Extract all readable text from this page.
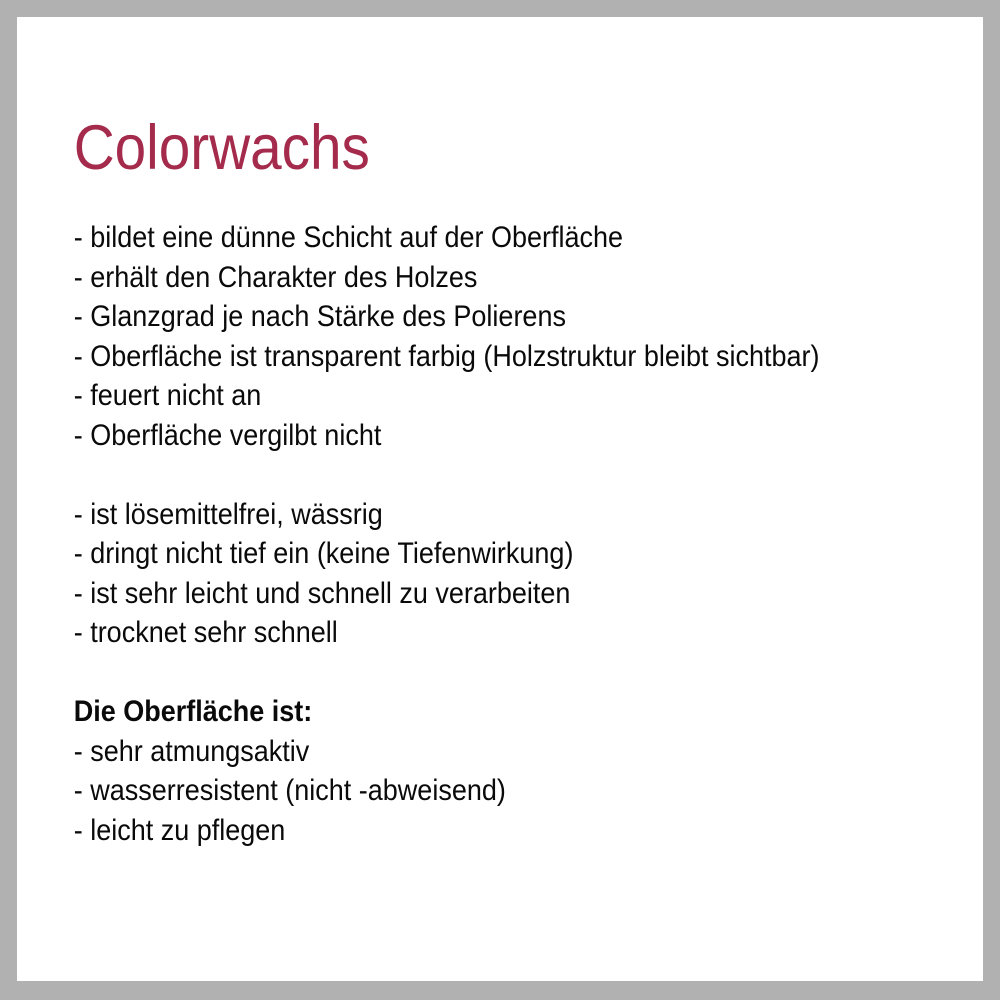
Colorwachs
- bildet eine dünne Schicht auf der Oberfläche
- erhält den Charakter des Holzes
- Glanzgrad je nach Stärke des Polierens
- Oberfläche ist transparent farbig (Holzstruktur bleibt sichtbar)
- feuert nicht an
- Oberfläche vergilbt nicht
- ist lösemittelfrei, wässrig
- dringt nicht tief ein (keine Tiefenwirkung)
- ist sehr leicht und schnell zu verarbeiten
- trocknet sehr schnell
Die Oberfläche ist:
- sehr atmungsaktiv
- wasserresistent (nicht -abweisend)
- leicht zu pflegen
